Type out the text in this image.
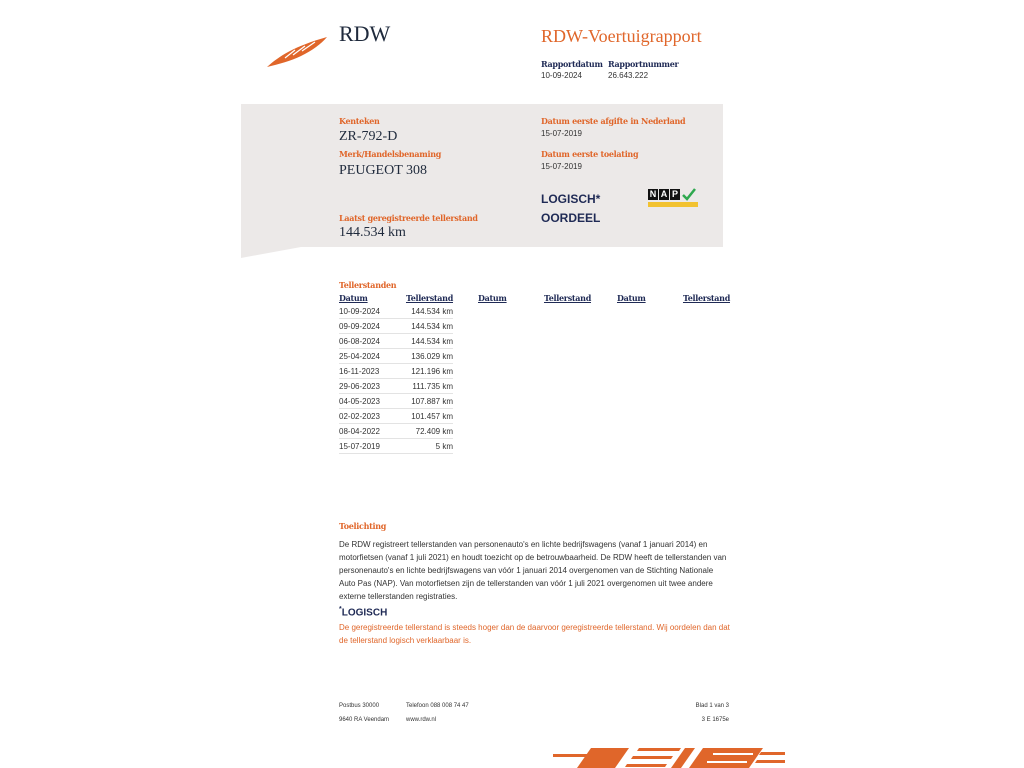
RDW	RDW-Voertuigrapport
Rapportdatum
10-09-2024
Rapportnummer
26.643.222
Kenteken
ZR-792-D
Merk/Handelsbenaming
PEUGEOT 308
Laatst geregistreerde tellerstand
144.534 km
Datum eerste afgifte in Nederland
15-07-2019
Datum eerste toelating
15-07-2019
LOGISCH*
OORDEEL
N A P
Tellerstanden
Datum	Tellerstand
10-09-2024	144.534 km
09-09-2024	144.534 km
06-08-2024	144.534 km
25-04-2024	136.029 km
16-11-2023	121.196 km
29-06-2023	111.735 km
04-05-2023	107.887 km
02-02-2023	101.457 km
08-04-2022	72.409 km
15-07-2019	5 km
Datum	Tellerstand	Datum	Tellerstand
Toelichting
De RDW registreert tellerstanden van personenauto's en lichte bedrijfswagens (vanaf 1 januari 2014) en motorfietsen (vanaf 1 juli 2021) en houdt toezicht op de betrouwbaarheid. De RDW heeft de tellerstanden van personenauto's en lichte bedrijfswagens van vóór 1 januari 2014 overgenomen van de Stichting Nationale Auto Pas (NAP). Van motorfietsen zijn de tellerstanden van vóór 1 juli 2021 overgenomen uit twee andere externe tellerstanden registraties.
*LOGISCH
De geregistreerde tellerstand is steeds hoger dan de daarvoor geregistreerde tellerstand. Wij oordelen dan dat de tellerstand logisch verklaarbaar is.
Postbus 30000	Telefoon 088 008 74 47	Blad 1 van 3
9640 RA Veendam	www.rdw.nl	3 E 1675e
